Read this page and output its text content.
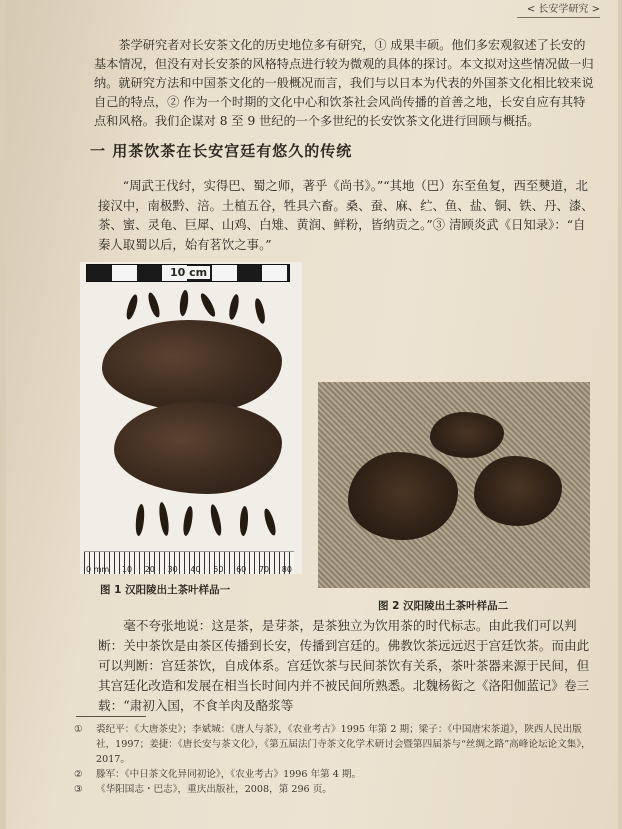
< 长安学研究 >
茶学研究者对长安茶文化的历史地位多有研究，① 成果丰硕。他们多宏观叙述了长安的基本情况，但没有对长安茶的风格特点进行较为微观的具体的探讨。本文拟对这些情况做一归纳。就研究方法和中国茶文化的一般概况而言，我们与以日本为代表的外国茶文化相比较来说自己的特点，② 作为一个时期的文化中心和饮茶社会风尚传播的首善之地，长安自应有其特点和风格。我们企谋对 8 至 9 世纪的一个多世纪的长安饮茶文化进行回顾与概括。
一 用茶饮茶在长安宫廷有悠久的传统
“周武王伐纣，实得巴、蜀之师，著乎《尚书》。”“其地（巴）东至鱼复，西至僰道，北接汉中，南极黔、涪。土植五谷，牲具六畜。桑、蚕、麻、纻、鱼、盐、铜、铁、丹、漆、茶、蜜、灵龟、巨犀、山鸡、白雉、黄润、鲜粉，皆纳贡之。”③ 清顾炎武《日知录》：“自秦人取蜀以后，始有茗饮之事。”
10 cm
0 mm 10 20 30 40 50 60 70 80
图 1 汉阳陵出土茶叶样品一
图 2 汉阳陵出土茶叶样品二
毫不夸张地说：这是茶，是芽茶，是茶独立为饮用茶的时代标志。由此我们可以判断：关中茶饮是由茶区传播到长安，传播到宫廷的。佛教饮茶远远迟于宫廷饮茶。而由此可以判断：宫廷茶饮，自成体系。宫廷饮茶与民间茶饮有关系，茶叶茶器来源于民间，但其宫廷化改造和发展在相当长时间内并不被民间所熟悉。北魏杨衒之《洛阳伽蓝记》卷三载：“肃初入国，不食羊肉及酪浆等
①	裘纪平：《大唐茶史》；李斌城：《唐人与茶》，《农业考古》1995 年第 2 期；梁子：《中国唐宋茶道》，陕西人民出版社，1997；姜捷：《唐长安与茶文化》，《第五届法门寺茶文化学术研讨会暨第四届茶与“丝绸之路”高峰论坛论文集》，2017。
②	滕军：《中日茶文化异同初论》，《农业考古》1996 年第 4 期。
③	《华阳国志・巴志》，重庆出版社，2008，第 296 页。
